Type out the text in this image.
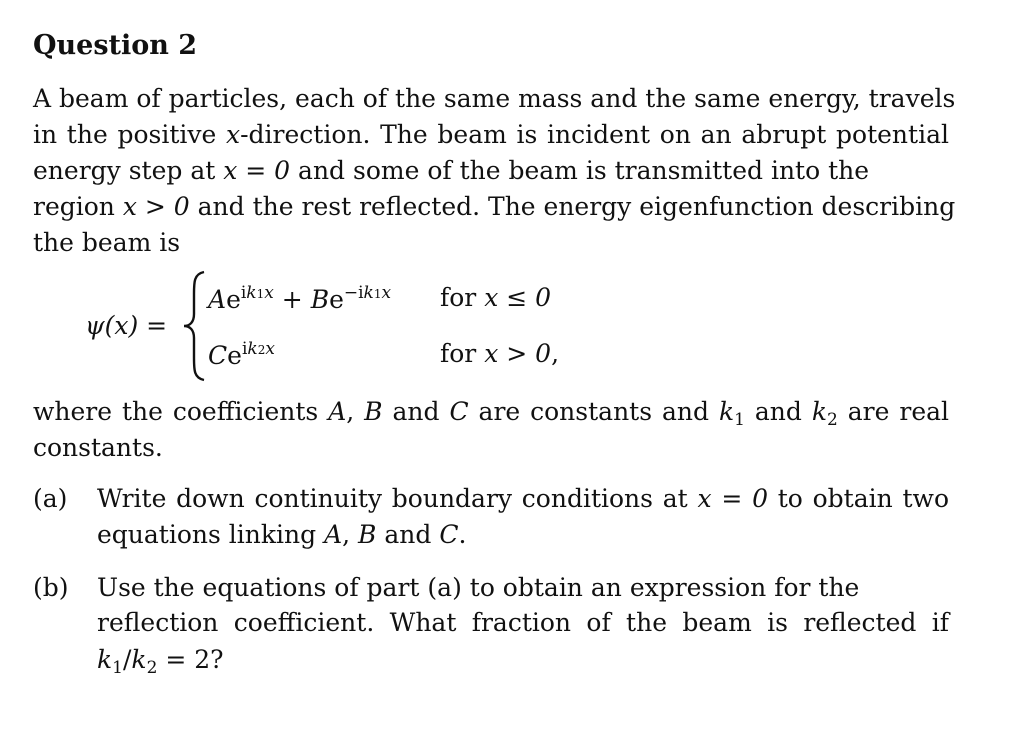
Question 2
A beam of particles, each of the same mass and the same energy, travels
in the positive x-direction. The beam is incident on an abrupt potential
energy step at x = 0 and some of the beam is transmitted into the
region x > 0 and the rest reflected. The energy eigenfunction describing
the beam is
ψ(x) =
$Ae^{ik1x} + Be^{-ik1x}$ for x ≤ 0
$Ce^{ik2x}$	for x > 0,
where the coefficients A, B and C are constants and $k_1$ and $k_2$ are real
constants.
(a) Write down continuity boundary conditions at x = 0 to obtain two
equations linking A, B and C.
(b) Use the equations of part (a) to obtain an expression for the
reflection coefficient. What fraction of the beam is reflected if
$k_1/k_2 = 2$?
